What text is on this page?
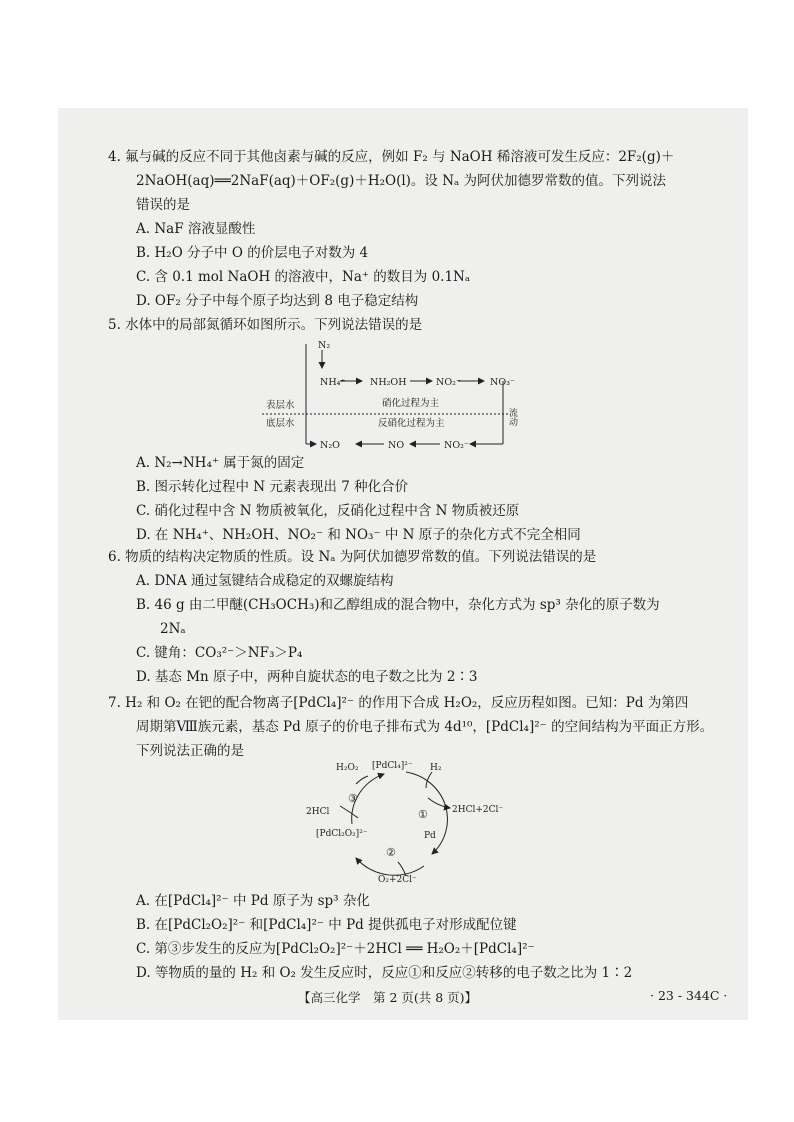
4. 氟与碱的反应不同于其他卤素与碱的反应，例如 F₂ 与 NaOH 稀溶液可发生反应：2F₂(g)＋
2NaOH(aq)══2NaF(aq)＋OF₂(g)＋H₂O(l)。设 Nₐ 为阿伏加德罗常数的值。下列说法
错误的是
A. NaF 溶液显酸性
B. H₂O 分子中 O 的价层电子对数为 4
C. 含 0.1 mol NaOH 的溶液中，Na⁺ 的数目为 0.1Nₐ
D. OF₂ 分子中每个原子均达到 8 电子稳定结构
5. 水体中的局部氮循环如图所示。下列说法错误的是
N₂
NH₄⁺	NH₂OH	NO₂⁻	NO₃⁻
表层水
底层水
硝化过程为主
反硝化过程为主	流动
N₂O	NO	NO₂⁻
A. N₂→NH₄⁺ 属于氮的固定
B. 图示转化过程中 N 元素表现出 7 种化合价
C. 硝化过程中含 N 物质被氧化，反硝化过程中含 N 物质被还原
D. 在 NH₄⁺、NH₂OH、NO₂⁻ 和 NO₃⁻ 中 N 原子的杂化方式不完全相同
6. 物质的结构决定物质的性质。设 Nₐ 为阿伏加德罗常数的值。下列说法错误的是
A. DNA 通过氢键结合成稳定的双螺旋结构
B. 46 g 由二甲醚(CH₃OCH₃)和乙醇组成的混合物中，杂化方式为 sp³ 杂化的原子数为
2Nₐ
C. 键角：CO₃²⁻＞NF₃＞P₄
D. 基态 Mn 原子中，两种自旋状态的电子数之比为 2∶3
7. H₂ 和 O₂ 在钯的配合物离子[PdCl₄]²⁻ 的作用下合成 H₂O₂，反应历程如图。已知：Pd 为第四
周期第Ⅷ族元素，基态 Pd 原子的价电子排布式为 4d¹⁰，[PdCl₄]²⁻ 的空间结构为平面正方形。
下列说法正确的是
H₂O₂ [PdCl₄]²⁻ H₂
①	2HCl+2Cl⁻
③
2HCl
[PdCl₂O₂]²⁻	Pd
②
O₂+2Cl⁻
A. 在[PdCl₄]²⁻ 中 Pd 原子为 sp³ 杂化
B. 在[PdCl₂O₂]²⁻ 和[PdCl₄]²⁻ 中 Pd 提供孤电子对形成配位键
C. 第③步发生的反应为[PdCl₂O₂]²⁻＋2HCl ══ H₂O₂＋[PdCl₄]²⁻
D. 等物质的量的 H₂ 和 O₂ 发生反应时，反应①和反应②转移的电子数之比为 1∶2
【高三化学　第 2 页(共 8 页)】	· 23 - 344C ·
